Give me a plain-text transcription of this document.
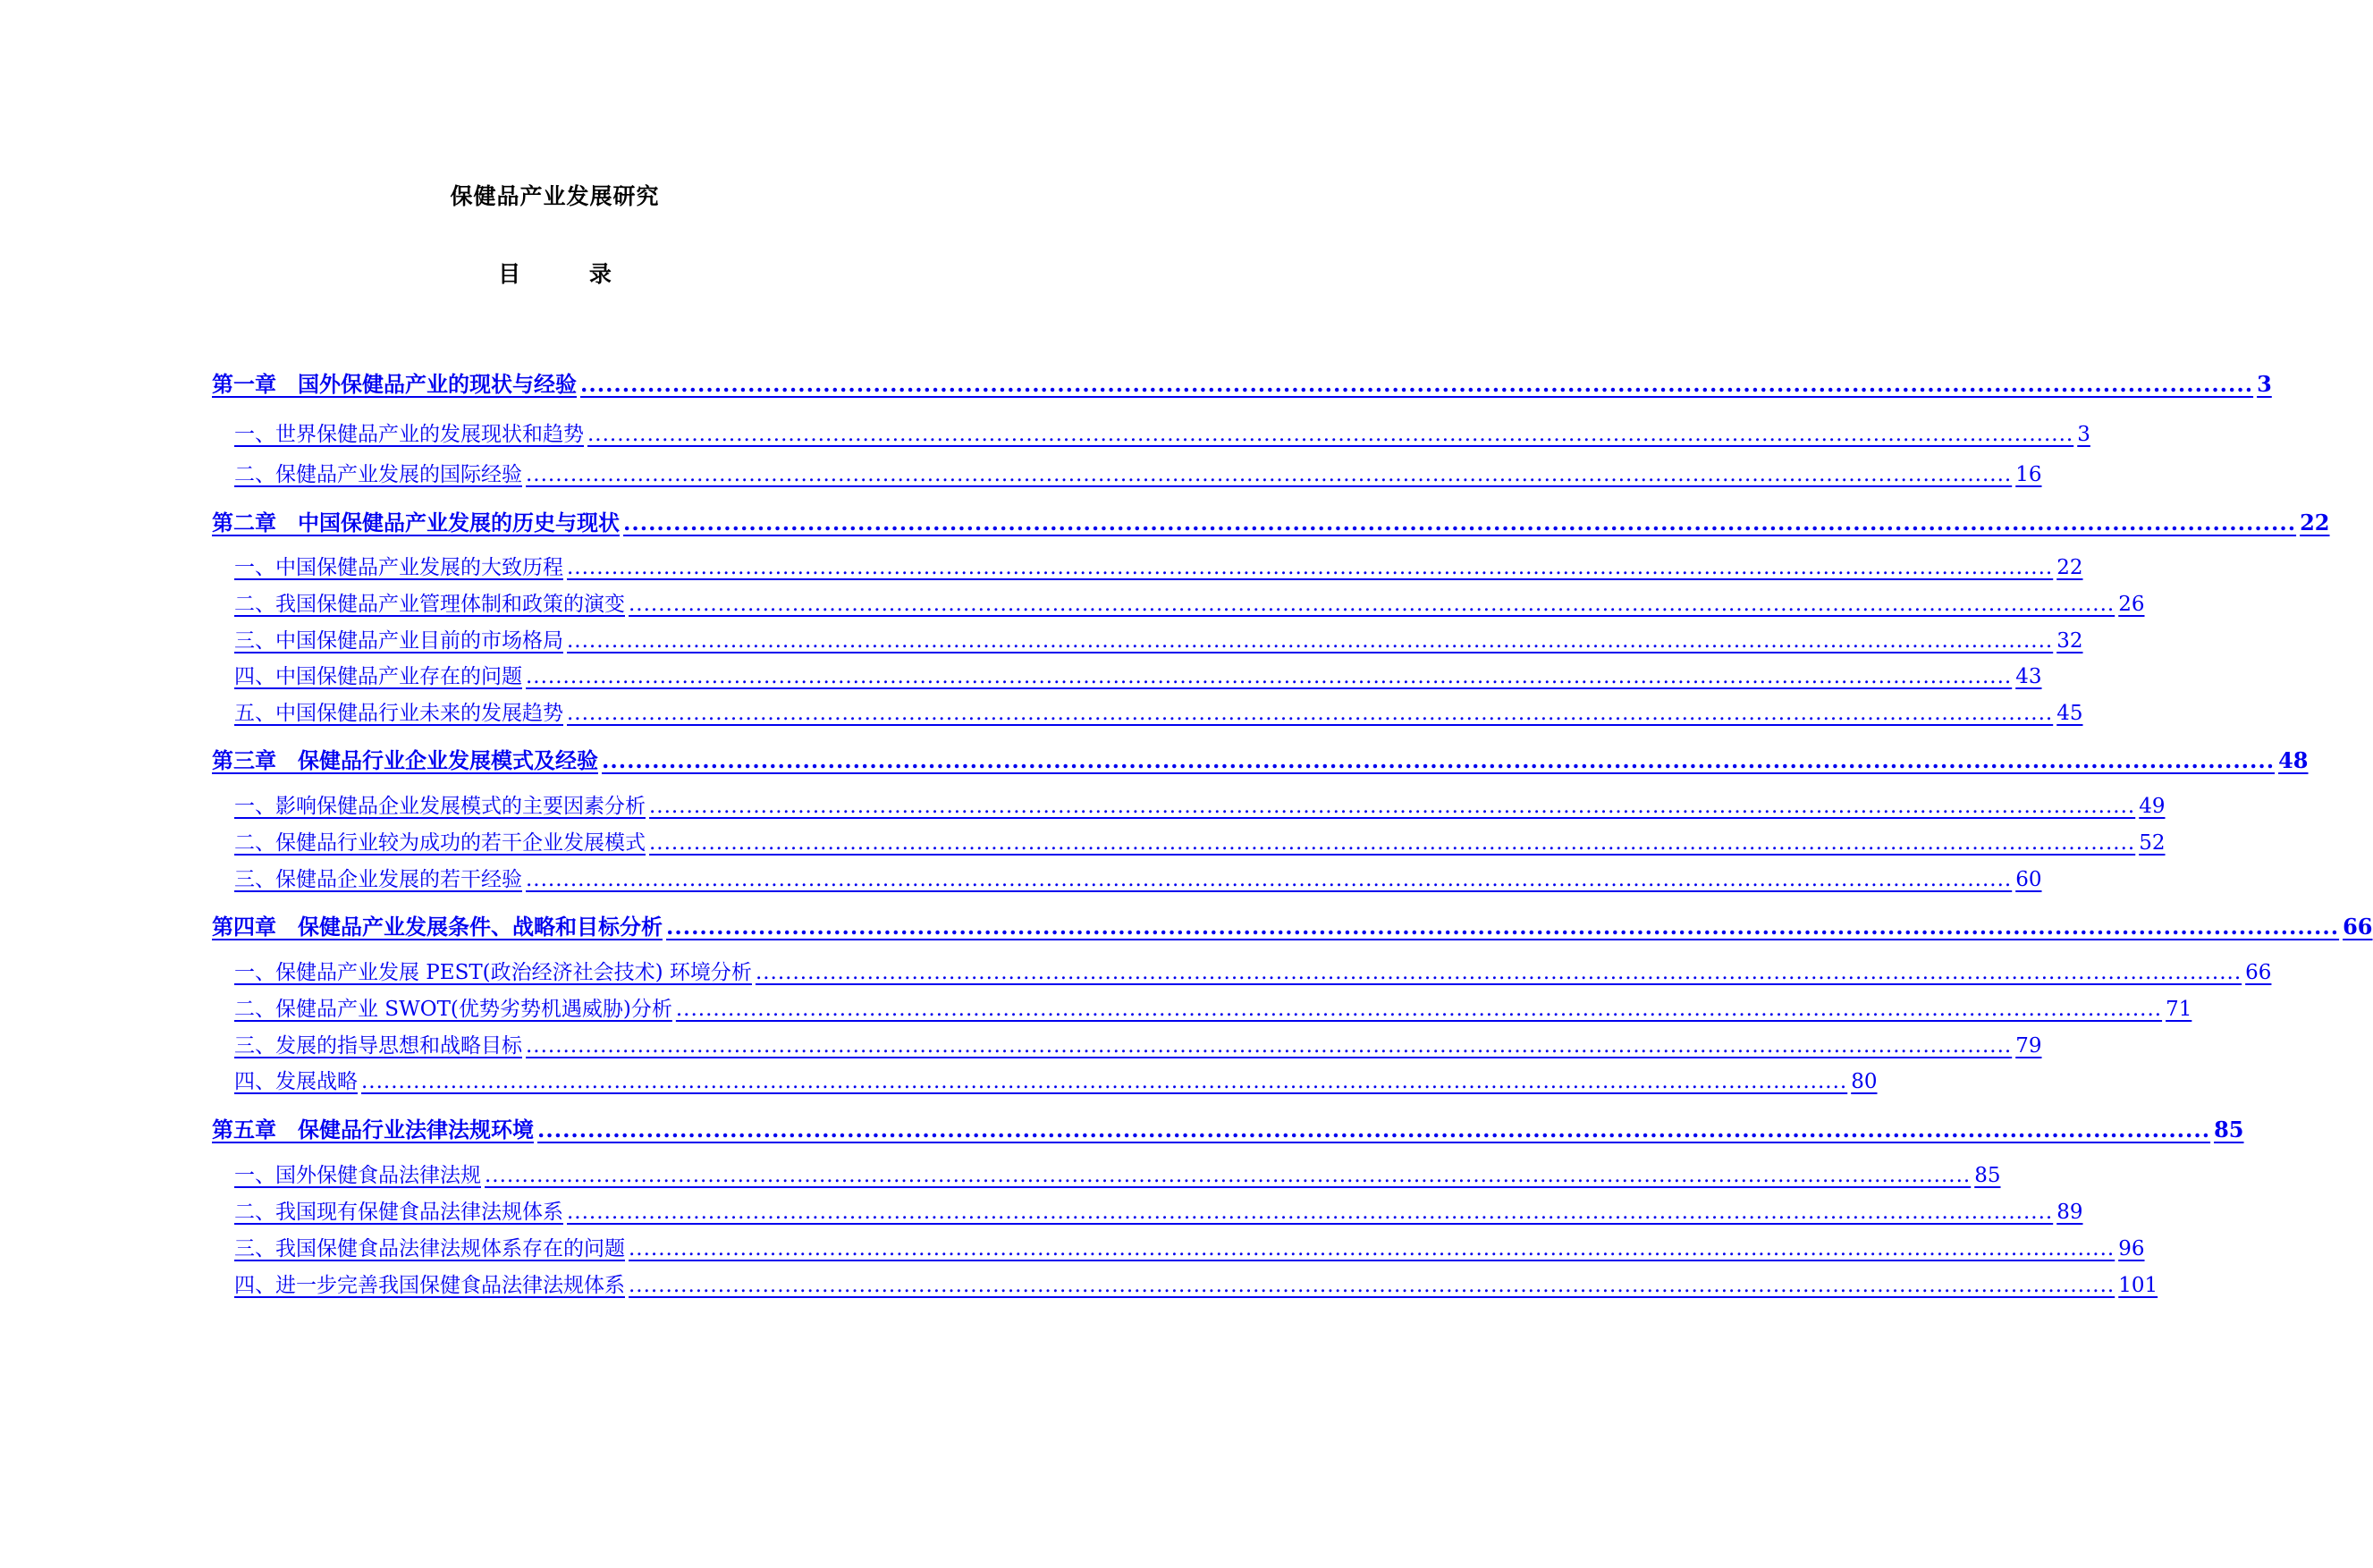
保健品产业发展研究
目 录
第一章　国外保健品产业的现状与经验 ........................................................................................................................................................................................................ 3
一、世界保健品产业的发展现状和趋势 ........................................................................................................................................................................................................ 3
二、保健品产业发展的国际经验 ........................................................................................................................................................................................................ 16
第二章　中国保健品产业发展的历史与现状 ........................................................................................................................................................................................................ 22
一、中国保健品产业发展的大致历程 ........................................................................................................................................................................................................ 22
二、我国保健品产业管理体制和政策的演变 ........................................................................................................................................................................................................ 26
三、中国保健品产业目前的市场格局 ........................................................................................................................................................................................................ 32
四、中国保健品产业存在的问题 ........................................................................................................................................................................................................ 43
五、中国保健品行业未来的发展趋势 ........................................................................................................................................................................................................ 45
第三章　保健品行业企业发展模式及经验 ........................................................................................................................................................................................................ 48
一、影响保健品企业发展模式的主要因素分析 ........................................................................................................................................................................................................ 49
二、保健品行业较为成功的若干企业发展模式 ........................................................................................................................................................................................................ 52
三、保健品企业发展的若干经验 ........................................................................................................................................................................................................ 60
第四章　保健品产业发展条件、战略和目标分析 ........................................................................................................................................................................................................ 66
一、保健品产业发展 PEST(政治经济社会技术) 环境分析 ........................................................................................................................................................................................................ 66
二、保健品产业 SWOT(优势劣势机遇威胁)分析 ........................................................................................................................................................................................................ 71
三、发展的指导思想和战略目标 ........................................................................................................................................................................................................ 79
四、发展战略 ........................................................................................................................................................................................................ 80
第五章　保健品行业法律法规环境 ........................................................................................................................................................................................................ 85
一、国外保健食品法律法规 ........................................................................................................................................................................................................ 85
二、我国现有保健食品法律法规体系 ........................................................................................................................................................................................................ 89
三、我国保健食品法律法规体系存在的问题 ........................................................................................................................................................................................................ 96
四、进一步完善我国保健食品法律法规体系 ........................................................................................................................................................................................................ 101
